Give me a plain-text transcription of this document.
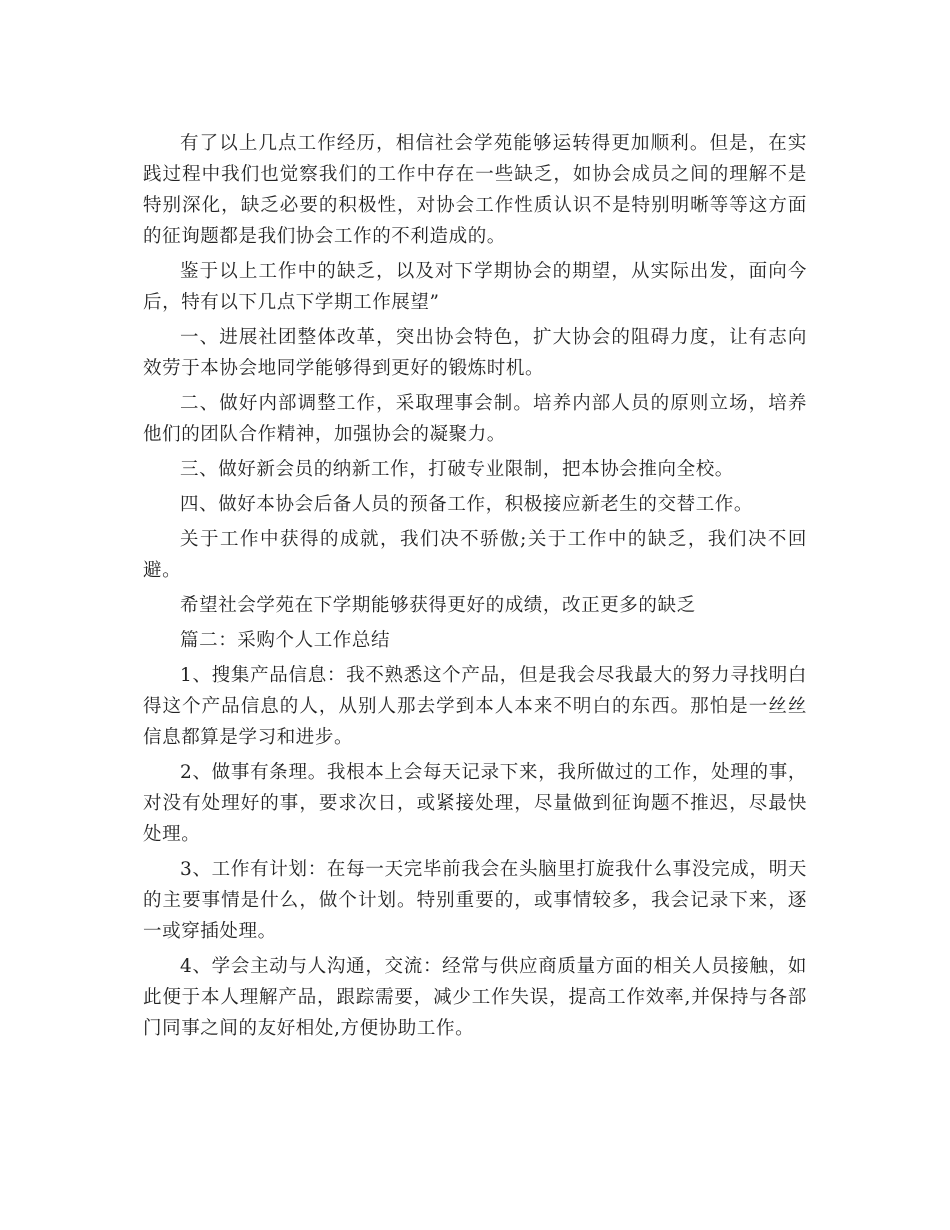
有了以上几点工作经历，相信社会学苑能够运转得更加顺利。但是，在实践过程中我们也觉察我们的工作中存在一些缺乏，如协会成员之间的理解不是特别深化，缺乏必要的积极性，对协会工作性质认识不是特别明晰等等这方面的征询题都是我们协会工作的不利造成的。

鉴于以上工作中的缺乏，以及对下学期协会的期望，从实际出发，面向今后，特有以下几点下学期工作展望”

一、进展社团整体改革，突出协会特色，扩大协会的阻碍力度，让有志向效劳于本协会地同学能够得到更好的锻炼时机。

二、做好内部调整工作，采取理事会制。培养内部人员的原则立场，培养他们的团队合作精神，加强协会的凝聚力。

三、做好新会员的纳新工作，打破专业限制，把本协会推向全校。

四、做好本协会后备人员的预备工作，积极接应新老生的交替工作。

关于工作中获得的成就，我们决不骄傲;关于工作中的缺乏，我们决不回避。

希望社会学苑在下学期能够获得更好的成绩，改正更多的缺乏

篇二：采购个人工作总结

1、搜集产品信息：我不熟悉这个产品，但是我会尽我最大的努力寻找明白得这个产品信息的人，从别人那去学到本人本来不明白的东西。那怕是一丝丝信息都算是学习和进步。

2、做事有条理。我根本上会每天记录下来，我所做过的工作，处理的事，对没有处理好的事，要求次日，或紧接处理，尽量做到征询题不推迟，尽最快处理。

3、工作有计划：在每一天完毕前我会在头脑里打旋我什么事没完成，明天的主要事情是什么，做个计划。特别重要的，或事情较多，我会记录下来，逐一或穿插处理。

4、学会主动与人沟通，交流：经常与供应商质量方面的相关人员接触，如此便于本人理解产品，跟踪需要，减少工作失误，提高工作效率,并保持与各部门同事之间的友好相处,方便协助工作。
